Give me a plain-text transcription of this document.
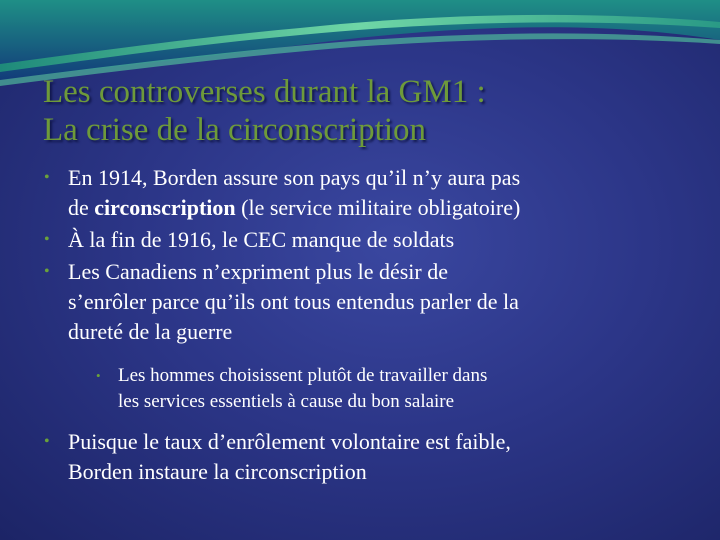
Les controverses durant la GM1 :
La crise de la circonscription
• En 1914, Borden assure son pays qu’il n’y aura pas
de circonscription (le service militaire obligatoire)
• À la fin de 1916, le CEC manque de soldats
• Les Canadiens n’expriment plus le désir de
s’enrôler parce qu’ils ont tous entendus parler de la
dureté de la guerre
• Les hommes choisissent plutôt de travailler dans
les services essentiels à cause du bon salaire
• Puisque le taux d’enrôlement volontaire est faible,
Borden instaure la circonscription
